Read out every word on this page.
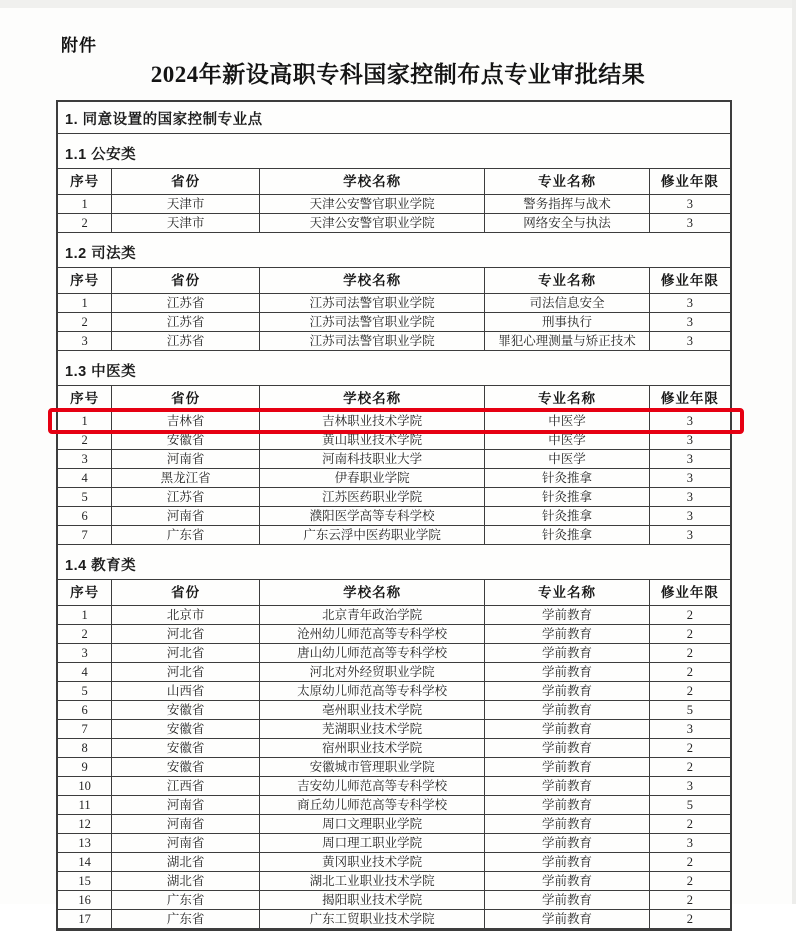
附件
2024年新设高职专科国家控制布点专业审批结果
1. 同意设置的国家控制专业点
1.1 公安类
序号	省份	学校名称	专业名称	修业年限
1	天津市	天津公安警官职业学院	警务指挥与战术	3
2	天津市	天津公安警官职业学院	网络安全与执法	3
1.2 司法类
序号	省份	学校名称	专业名称	修业年限
1	江苏省	江苏司法警官职业学院	司法信息安全	3
2	江苏省	江苏司法警官职业学院	刑事执行	3
3	江苏省	江苏司法警官职业学院	罪犯心理测量与矫正技术	3
1.3 中医类
序号	省份	学校名称	专业名称	修业年限
1	吉林省	吉林职业技术学院	中医学	3
2	安徽省	黄山职业技术学院	中医学	3
3	河南省	河南科技职业大学	中医学	3
4	黑龙江省	伊春职业学院	针灸推拿	3
5	江苏省	江苏医药职业学院	针灸推拿	3
6	河南省	濮阳医学高等专科学校	针灸推拿	3
7	广东省	广东云浮中医药职业学院	针灸推拿	3
1.4 教育类
序号	省份	学校名称	专业名称	修业年限
1	北京市	北京青年政治学院	学前教育	2
2	河北省	沧州幼儿师范高等专科学校	学前教育	2
3	河北省	唐山幼儿师范高等专科学校	学前教育	2
4	河北省	河北对外经贸职业学院	学前教育	2
5	山西省	太原幼儿师范高等专科学校	学前教育	2
6	安徽省	亳州职业技术学院	学前教育	5
7	安徽省	芜湖职业技术学院	学前教育	3
8	安徽省	宿州职业技术学院	学前教育	2
9	安徽省	安徽城市管理职业学院	学前教育	2
10	江西省	吉安幼儿师范高等专科学校	学前教育	3
11	河南省	商丘幼儿师范高等专科学校	学前教育	5
12	河南省	周口文理职业学院	学前教育	2
13	河南省	周口理工职业学院	学前教育	3
14	湖北省	黄冈职业技术学院	学前教育	2
15	湖北省	湖北工业职业技术学院	学前教育	2
16	广东省	揭阳职业技术学院	学前教育	2
17	广东省	广东工贸职业技术学院	学前教育	2
